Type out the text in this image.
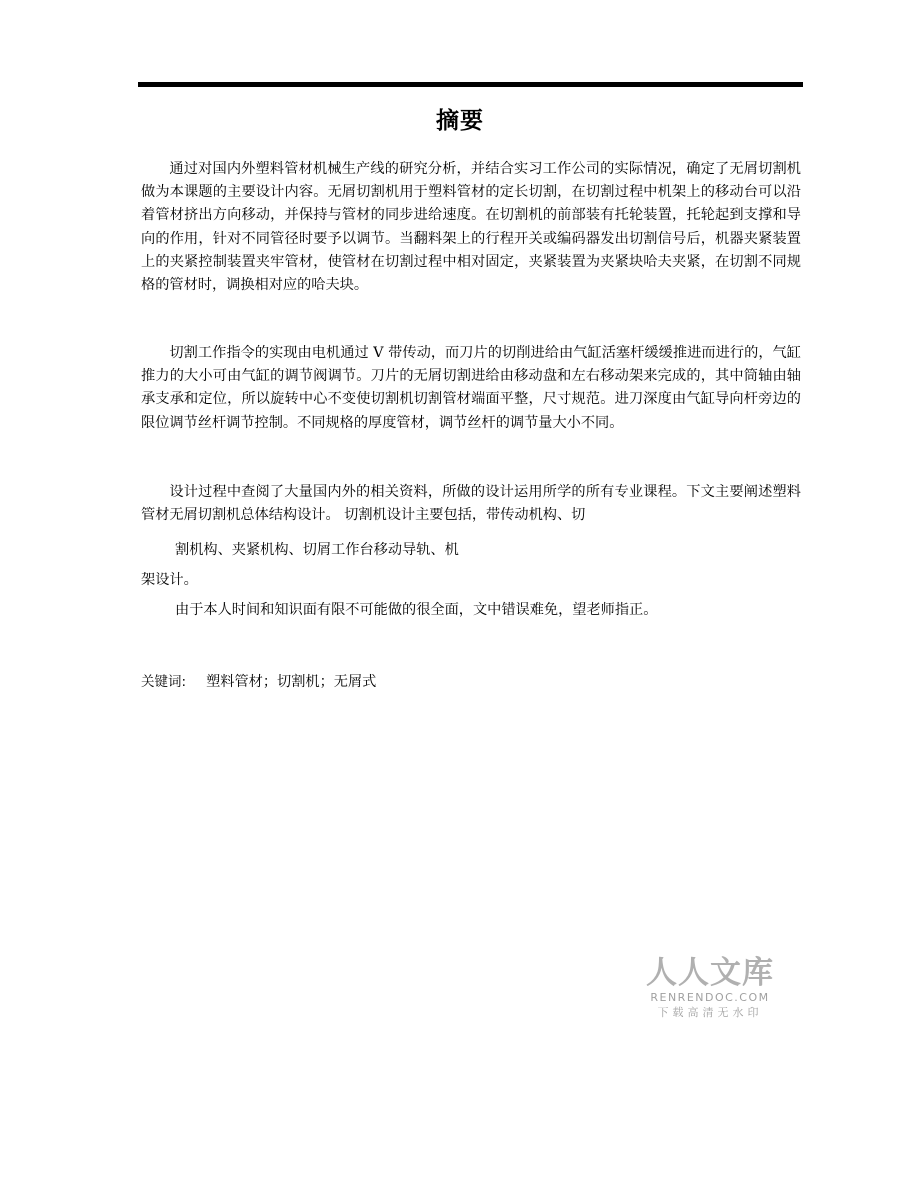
摘要

通过对国内外塑料管材机械生产线的研究分析，并结合实习工作公司的实际情况，确定了无屑切割机做为本课题的主要设计内容。无屑切割机用于塑料管材的定长切割，在切割过程中机架上的移动台可以沿着管材挤出方向移动，并保持与管材的同步进给速度。在切割机的前部装有托轮装置，托轮起到支撑和导向的作用，针对不同管径时要予以调节。当翻料架上的行程开关或编码器发出切割信号后，机器夹紧装置上的夹紧控制装置夹牢管材，使管材在切割过程中相对固定，夹紧装置为夹紧块哈夫夹紧，在切割不同规格的管材时，调换相对应的哈夫块。

切割工作指令的实现由电机通过 V 带传动，而刀片的切削进给由气缸活塞杆缓缓推进而进行的，气缸推力的大小可由气缸的调节阀调节。刀片的无屑切割进给由移动盘和左右移动架来完成的，其中筒轴由轴承支承和定位，所以旋转中心不变使切割机切割管材端面平整，尺寸规范。进刀深度由气缸导向杆旁边的限位调节丝杆调节控制。不同规格的厚度管材，调节丝杆的调节量大小不同。

设计过程中查阅了大量国内外的相关资料，所做的设计运用所学的所有专业课程。下文主要阐述塑料管材无屑切割机总体结构设计。 切割机设计主要包括，带传动机构、切

割机构、夹紧机构、切屑工作台移动导轨、机

架设计。

由于本人时间和知识面有限不可能做的很全面，文中错误难免，望老师指正。

关键词: 塑料管材；切割机；无屑式
人人文库
RENRENDOC.COM
下载高清无水印
